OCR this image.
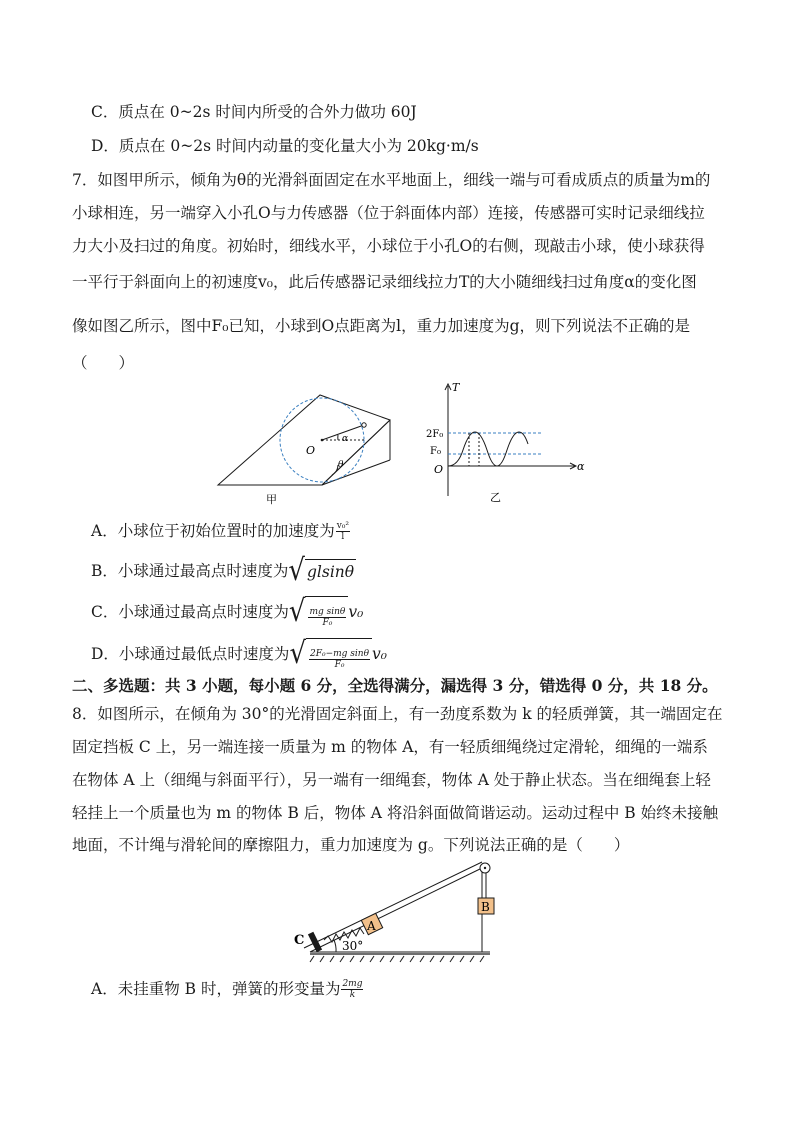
C．质点在 0~2s 时间内所受的合外力做功 60J
D．质点在 0~2s 时间内动量的变化量大小为 20kg·m/s
7．如图甲所示，倾角为θ的光滑斜面固定在水平地面上，细线一端与可看成质点的质量为m的
小球相连，另一端穿入小孔O与力传感器（位于斜面体内部）连接，传感器可实时记录细线拉
力大小及扫过的角度。初始时，细线水平，小球位于小孔O的右侧，现敲击小球，使小球获得
一平行于斜面向上的初速度v₀，此后传感器记录细线拉力T的大小随细线扫过角度α的变化图
像如图乙所示，图中F₀已知，小球到O点距离为l，重力加速度为g，则下列说法不正确的是
（　　）
O
α
θ
甲
T
2F₀
F₀
O	α
乙
A．小球位于初始位置时的加速度为 $\frac{\text{v₀²}}{l}$
B．小球通过最高点时速度为 √ glsinθ
C．小球通过最高点时速度为 √ $\frac{\text{mg sinθ}}{\text{F₀}} v_0$
D．小球通过最低点时速度为 √ $\frac{\text{2F₀−mg sinθ}}{\text{F₀}} v_0$
二、多选题：共 3 小题，每小题 6 分，全选得满分，漏选得 3 分，错选得 0 分，共 18 分。
8．如图所示，在倾角为 30°的光滑固定斜面上，有一劲度系数为 k 的轻质弹簧，其一端固定在
固定挡板 C 上，另一端连接一质量为 m 的物体 A，有一轻质细绳绕过定滑轮，细绳的一端系
在物体 A 上（细绳与斜面平行），另一端有一细绳套，物体 A 处于静止状态。当在细绳套上轻
轻挂上一个质量也为 m 的物体 B 后，物体 A 将沿斜面做简谐运动。运动过程中 B 始终未接触
地面，不计绳与滑轮间的摩擦阻力，重力加速度为 g。下列说法正确的是（　　）
C
A
B
30°
A．未挂重物 B 时，弹簧的形变量为 $\frac{2mg}{k}$
